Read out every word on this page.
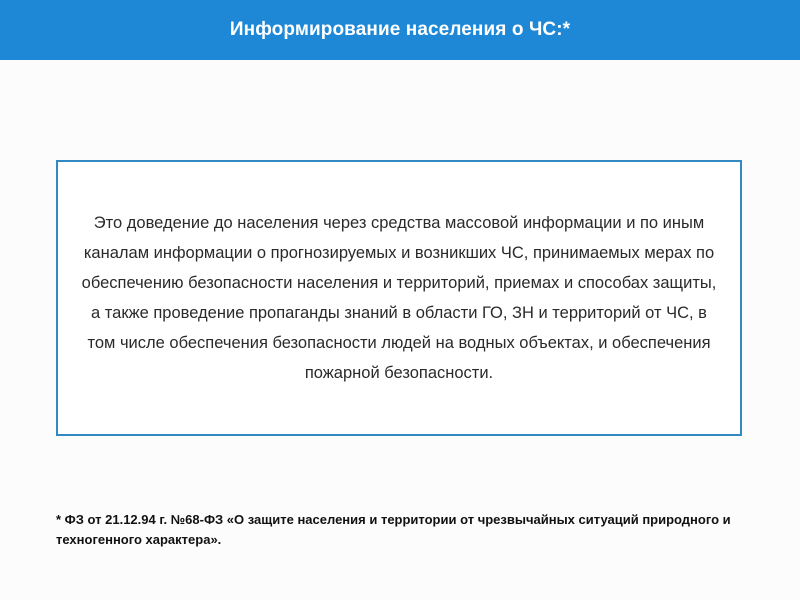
Информирование населения о ЧС:*
Это доведение до населения через средства массовой информации и по иным каналам информации о прогнозируемых и возникших ЧС, принимаемых мерах по обеспечению безопасности населения и территорий, приемах и способах защиты, а также проведение пропаганды знаний в области ГО, ЗН и территорий от ЧС, в том числе обеспечения безопасности людей на водных объектах, и обеспечения пожарной безопасности.
* ФЗ от 21.12.94 г. №68-ФЗ «О защите населения и территории от чрезвычайных ситуаций природного и техногенного характера».
